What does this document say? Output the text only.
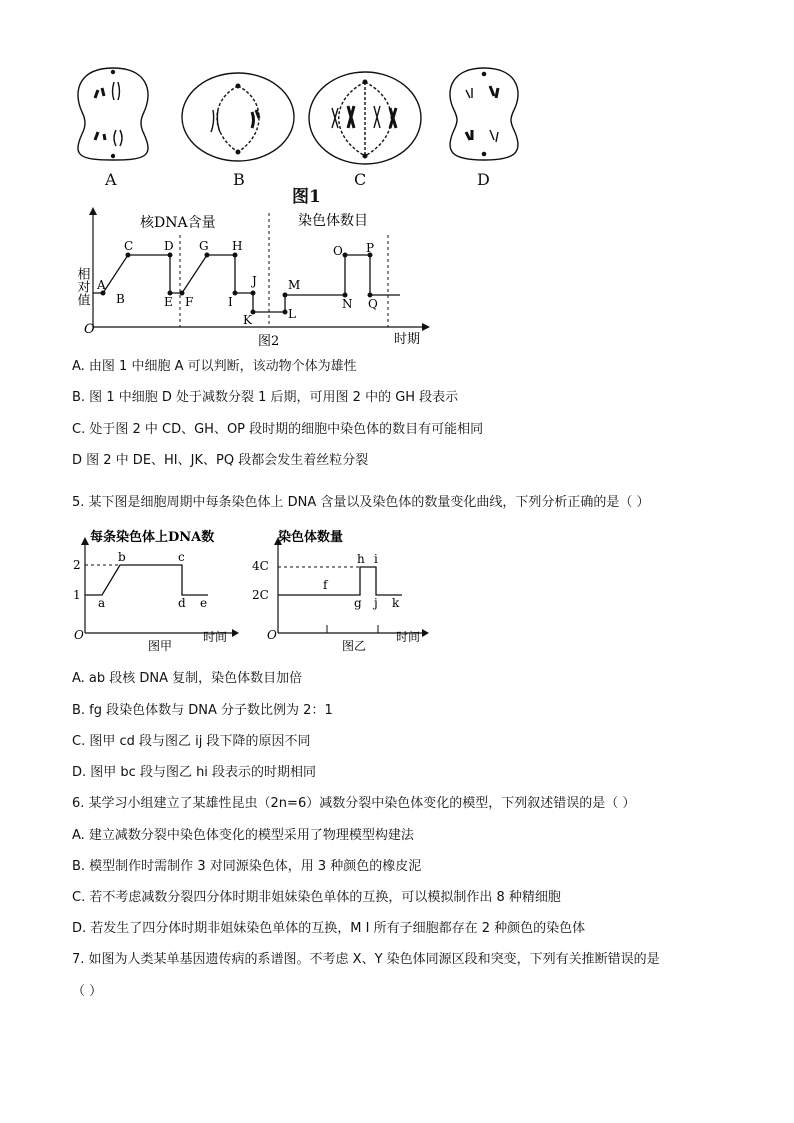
A	B	C	D
图1
O
相对值
时期
图2
核DNA含量	染色体数目
A
B
C	D
E F
G H
I
J
K	L
M
N
O P
Q
A. 由图 1 中细胞 A 可以判断，该动物个体为雄性
B. 图 1 中细胞 D 处于减数分裂 1 后期，可用图 2 中的 GH 段表示
C. 处于图 2 中 CD、GH、OP 段时期的细胞中染色体的数目有可能相同
D 图 2 中 DE、HI、JK、PQ 段都会发生着丝粒分裂
5. 某下图是细胞周期中每条染色体上 DNA 含量以及染色体的数量变化曲线，下列分析正确的是（ ）
每条染色体上DNA数
2
1
O
a
b	c
d e
图甲
时间
染色体数量
4C
2C
O
f
g
h i
j k
图乙
时间
A. ab 段核 DNA 复制，染色体数目加倍
B. fg 段染色体数与 DNA 分子数比例为 2：1
C. 图甲 cd 段与图乙 ij 段下降的原因不同
D. 图甲 bc 段与图乙 hi 段表示的时期相同
6. 某学习小组建立了某雄性昆虫（2n=6）减数分裂中染色体变化的模型，下列叙述错误的是（ ）
A. 建立减数分裂中染色体变化的模型采用了物理模型构建法
B. 模型制作时需制作 3 对同源染色体，用 3 种颜色的橡皮泥
C. 若不考虑减数分裂四分体时期非姐妹染色单体的互换，可以模拟制作出 8 种精细胞
D. 若发生了四分体时期非姐妹染色单体的互换，M Ⅰ 所有子细胞都存在 2 种颜色的染色体
7. 如图为人类某单基因遗传病的系谱图。不考虑 X、Y 染色体同源区段和突变，下列有关推断错误的是
（ ）
